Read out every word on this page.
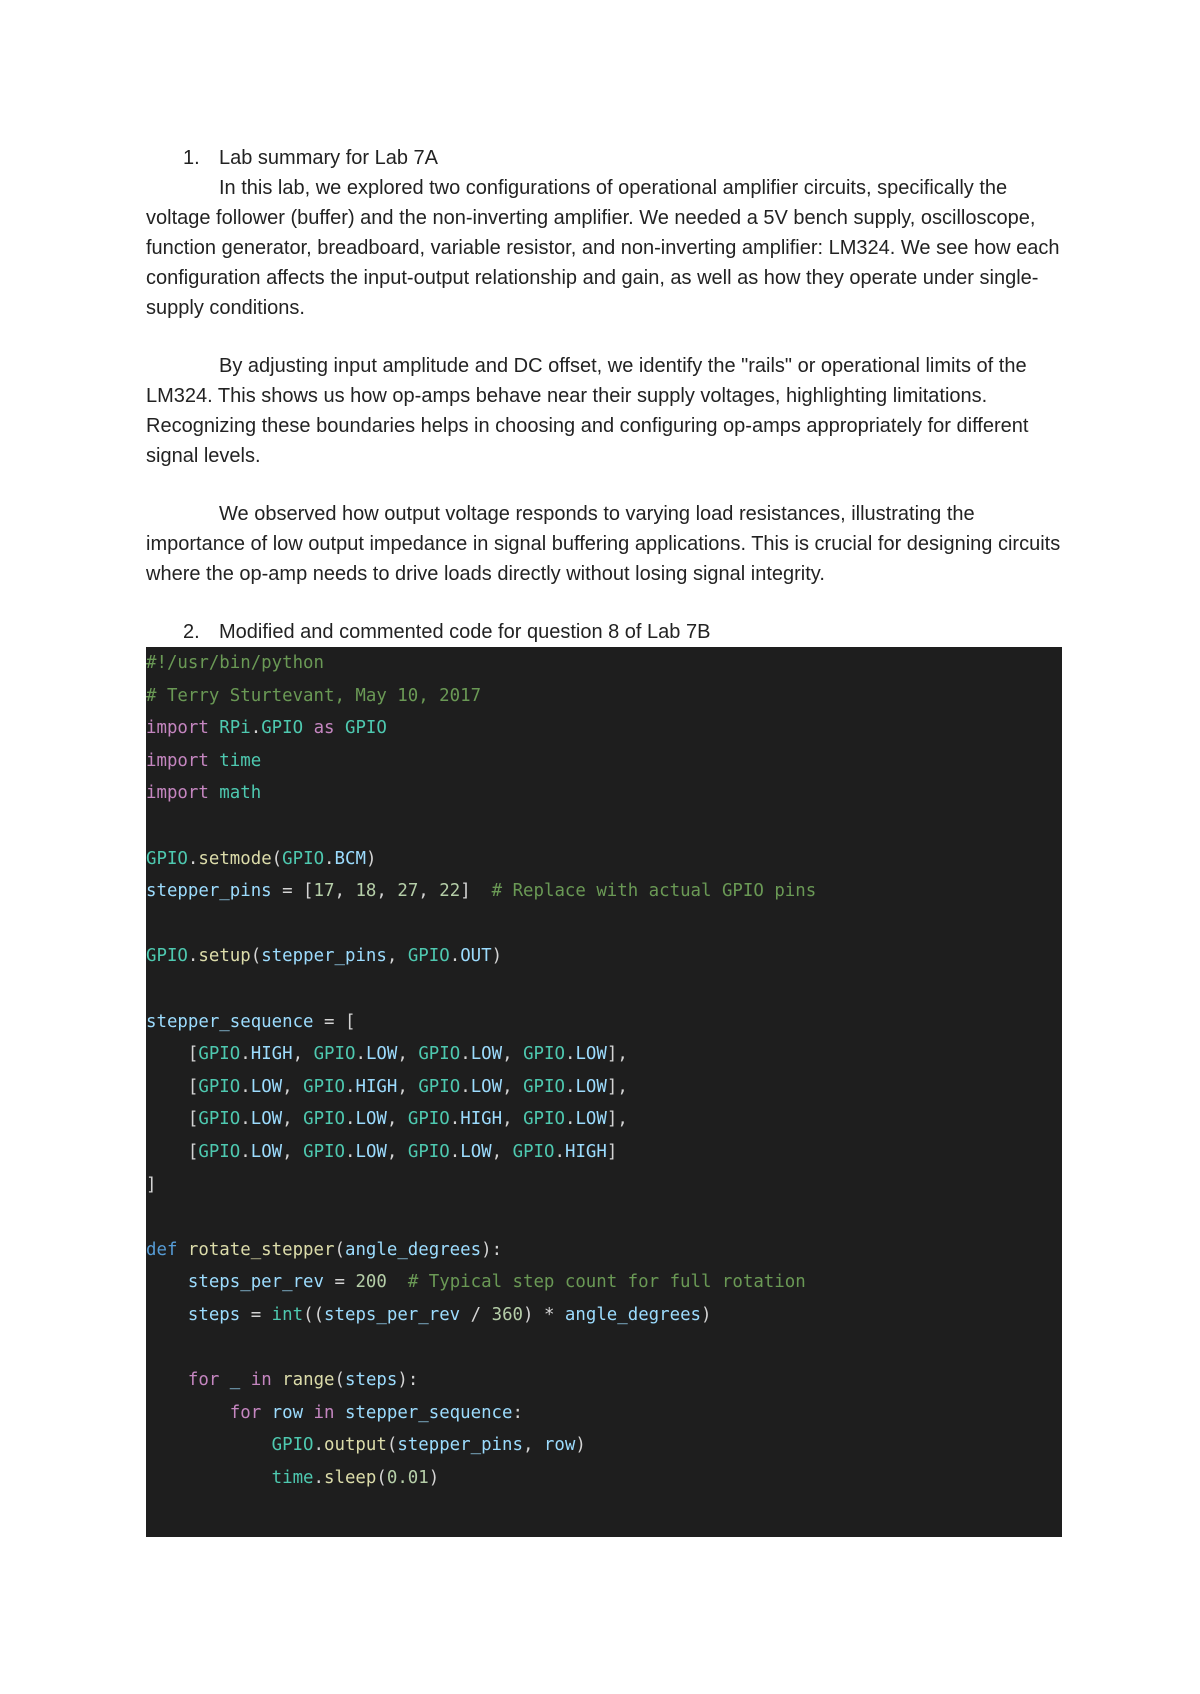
1. Lab summary for Lab 7A

In this lab, we explored two configurations of operational amplifier circuits, specifically the voltage follower (buffer) and the non-inverting amplifier. We needed a 5V bench supply, oscilloscope, function generator, breadboard, variable resistor, and non-inverting amplifier: LM324. We see how each configuration affects the input-output relationship and gain, as well as how they operate under single-supply conditions.

By adjusting input amplitude and DC offset, we identify the "rails" or operational limits of the LM324. This shows us how op-amps behave near their supply voltages, highlighting limitations. Recognizing these boundaries helps in choosing and configuring op-amps appropriately for different signal levels.

We observed how output voltage responds to varying load resistances, illustrating the importance of low output impedance in signal buffering applications. This is crucial for designing circuits where the op-amp needs to drive loads directly without losing signal integrity.

2. Modified and commented code for question 8 of Lab 7B
#!/usr/bin/python
# Terry Sturtevant, May 10, 2017
import RPi.GPIO as GPIO
import time
import math

GPIO.setmode(GPIO.BCM)
stepper_pins = [17, 18, 27, 22]  # Replace with actual GPIO pins

GPIO.setup(stepper_pins, GPIO.OUT)

stepper_sequence = [
[GPIO.HIGH, GPIO.LOW, GPIO.LOW, GPIO.LOW],
[GPIO.LOW, GPIO.HIGH, GPIO.LOW, GPIO.LOW],
[GPIO.LOW, GPIO.LOW, GPIO.HIGH, GPIO.LOW],
[GPIO.LOW, GPIO.LOW, GPIO.LOW, GPIO.HIGH]
]

def rotate_stepper(angle_degrees):
steps_per_rev = 200 # Typical step count for full rotation
steps = int((steps_per_rev / 360) * angle_degrees)

for _ in range(steps):
for row in stepper_sequence:
GPIO.output(stepper_pins, row)
time.sleep(0.01)
